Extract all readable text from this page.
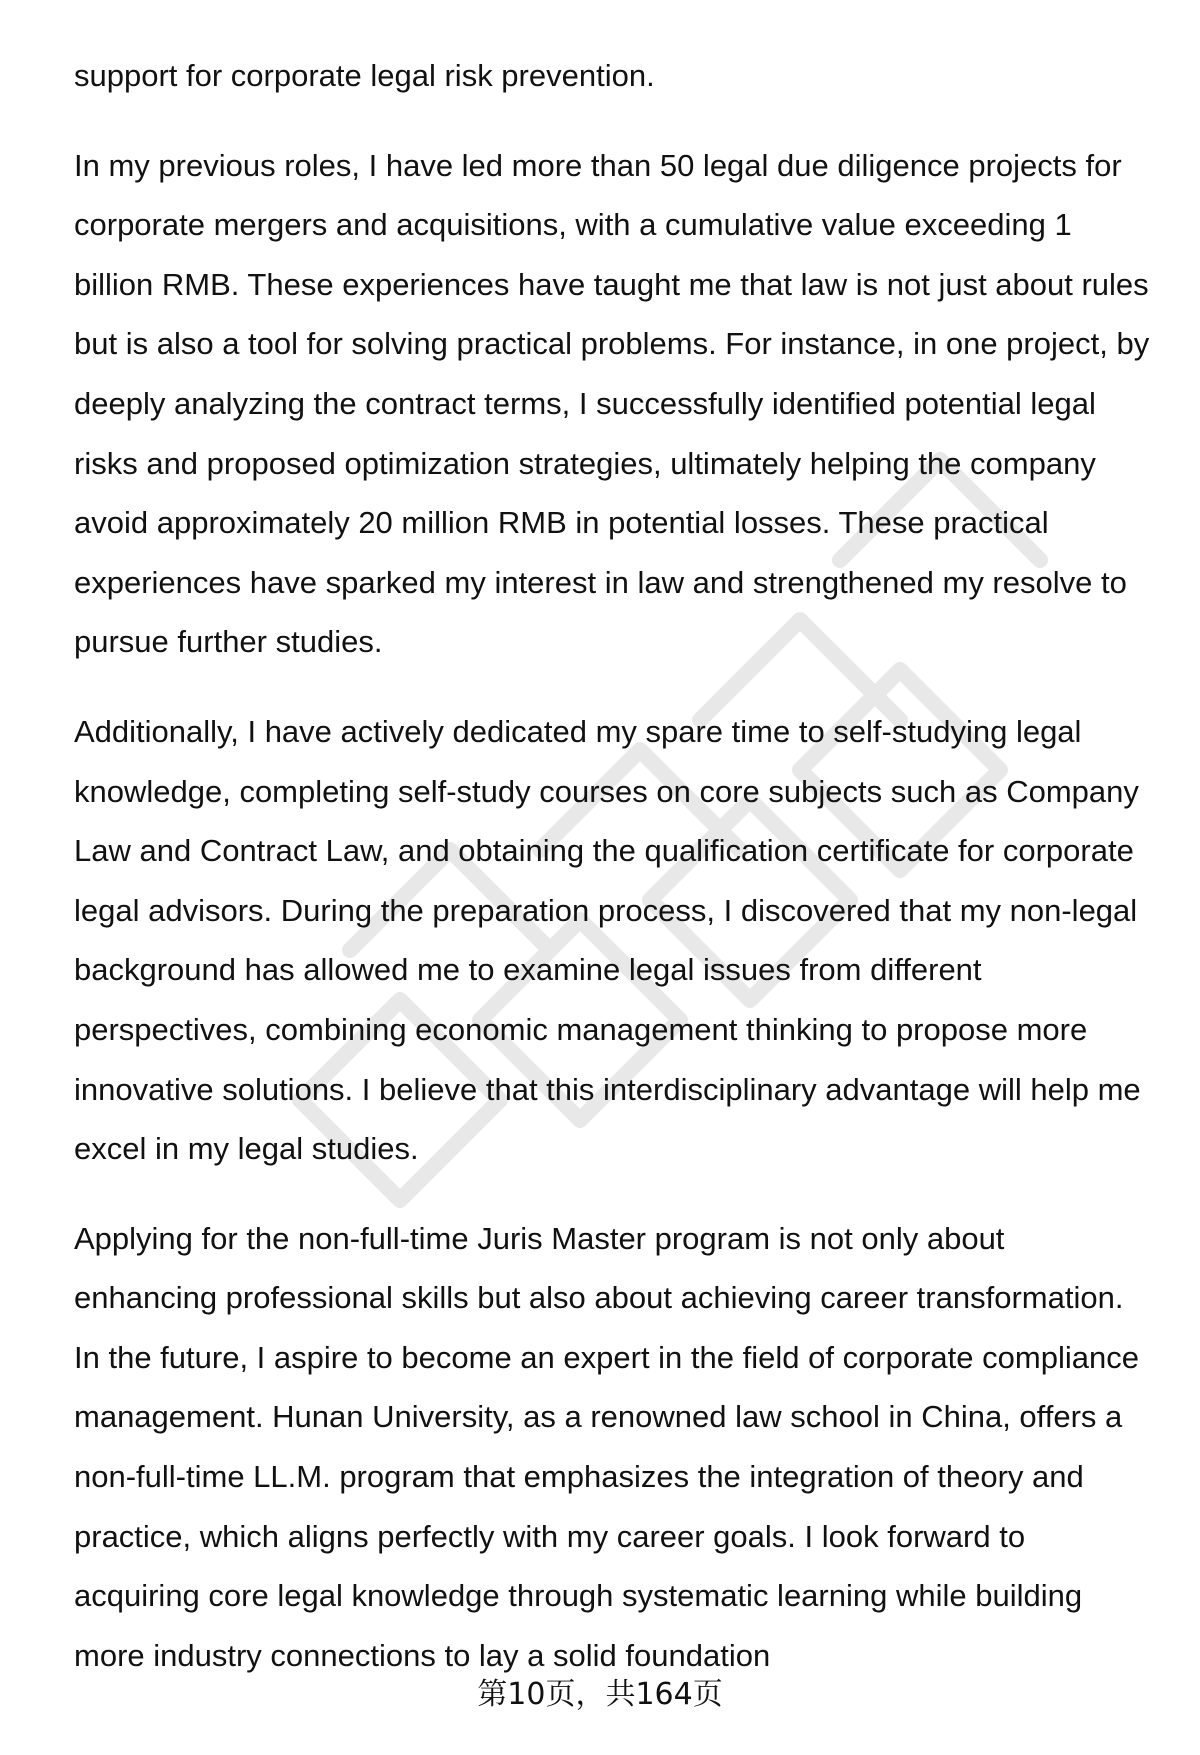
support for corporate legal risk prevention.

In my previous roles, I have led more than 50 legal due diligence projects for corporate mergers and acquisitions, with a cumulative value exceeding 1 billion RMB. These experiences have taught me that law is not just about rules but is also a tool for solving practical problems. For instance, in one project, by deeply analyzing the contract terms, I successfully identified potential legal risks and proposed optimization strategies, ultimately helping the company avoid approximately 20 million RMB in potential losses. These practical experiences have sparked my interest in law and strengthened my resolve to pursue further studies.

Additionally, I have actively dedicated my spare time to self-studying legal knowledge, completing self-study courses on core subjects such as Company Law and Contract Law, and obtaining the qualification certificate for corporate legal advisors. During the preparation process, I discovered that my non-legal background has allowed me to examine legal issues from different perspectives, combining economic management thinking to propose more innovative solutions. I believe that this interdisciplinary advantage will help me excel in my legal studies.

Applying for the non-full-time Juris Master program is not only about enhancing professional skills but also about achieving career transformation. In the future, I aspire to become an expert in the field of corporate compliance management. Hunan University, as a renowned law school in China, offers a non-full-time LL.M. program that emphasizes the integration of theory and practice, which aligns perfectly with my career goals. I look forward to acquiring core legal knowledge through systematic learning while building more industry connections to lay a solid foundation

第10页，共164页
